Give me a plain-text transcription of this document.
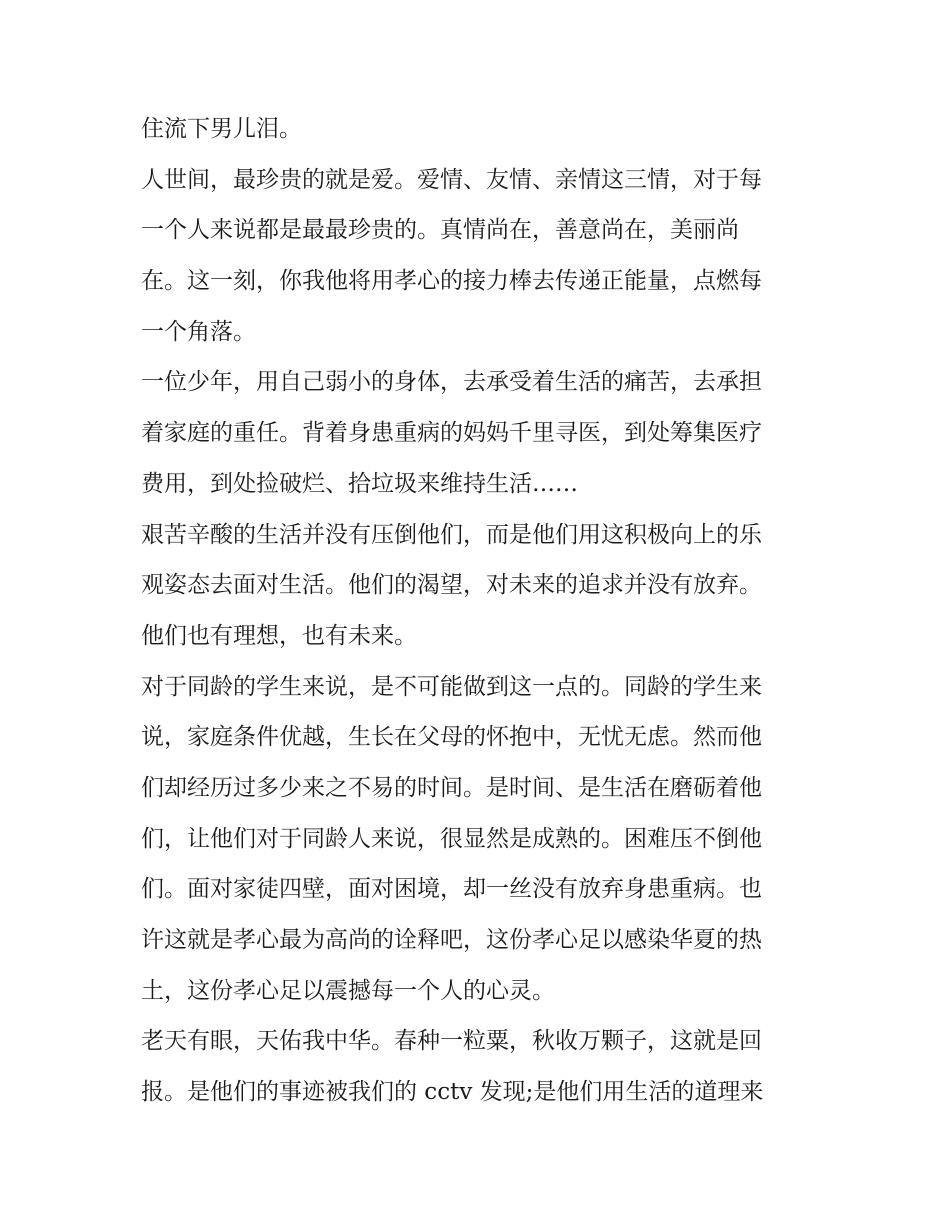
住流下男儿泪。
人世间，最珍贵的就是爱。爱情、友情、亲情这三情，对于每
一个人来说都是最最珍贵的。真情尚在，善意尚在，美丽尚
在。这一刻，你我他将用孝心的接力棒去传递正能量，点燃每
一个角落。
一位少年，用自己弱小的身体，去承受着生活的痛苦，去承担
着家庭的重任。背着身患重病的妈妈千里寻医，到处筹集医疗
费用，到处捡破烂、拾垃圾来维持生活……
艰苦辛酸的生活并没有压倒他们，而是他们用这积极向上的乐
观姿态去面对生活。他们的渴望，对未来的追求并没有放弃。
他们也有理想，也有未来。
对于同龄的学生来说，是不可能做到这一点的。同龄的学生来
说，家庭条件优越，生长在父母的怀抱中，无忧无虑。然而他
们却经历过多少来之不易的时间。是时间、是生活在磨砺着他
们，让他们对于同龄人来说，很显然是成熟的。困难压不倒他
们。面对家徒四壁，面对困境，却一丝没有放弃身患重病。也
许这就是孝心最为高尚的诠释吧，这份孝心足以感染华夏的热
土，这份孝心足以震撼每一个人的心灵。
老天有眼，天佑我中华。春种一粒粟，秋收万颗子，这就是回
报。是他们的事迹被我们的 cctv 发现;是他们用生活的道理来
